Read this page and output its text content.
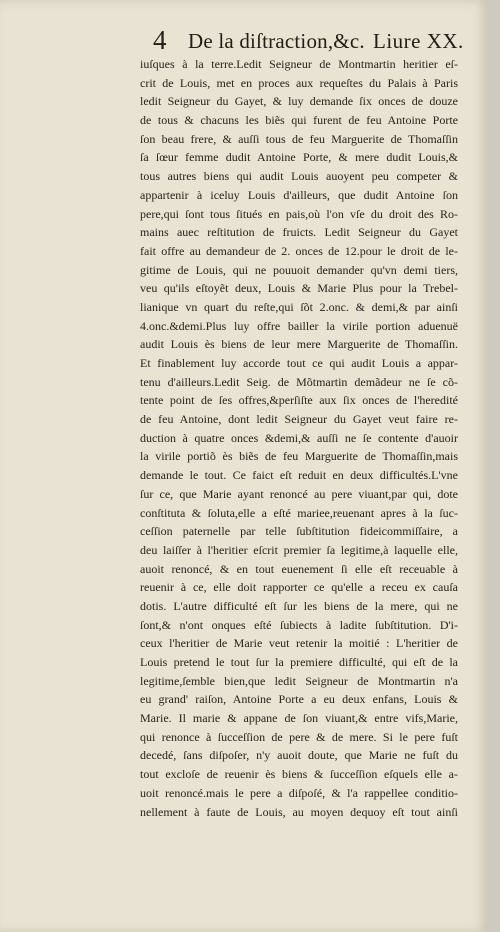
4 De la diſtraction,&c. Liure XX.
iuſques à la terre.Ledit Seigneur de Montmartin heritier eſ-
crit de Louis, met en proces aux requeſtes du Palais à Paris
ledit Seigneur du Gayet, & luy demande ſix onces de douze
de tous & chacuns les biẽs qui furent de feu Antoine Porte
ſon beau frere, & auſſi tous de feu Marguerite de Thomaſſin
ſa ſœur femme dudit Antoine Porte, & mere dudit Louis,&
tous autres biens qui audit Louis auoyent peu competer &
appartenir à iceluy Louis d'ailleurs, que dudit Antoine ſon
pere,qui ſont tous ſitués en pais,où l'on vſe du droit des Ro-
mains auec reſtitution de fruicts. Ledit Seigneur du Gayet
fait offre au demandeur de 2. onces de 12.pour le droit de le-
gitime de Louis, qui ne pouuoit demander qu'vn demi tiers,
veu qu'ils eſtoyẽt deux, Louis & Marie Plus pour la Trebel-
lianique vn quart du reſte,qui ſõt 2.onc. & demi,& par ainſi
4.onc.&demi.Plus luy offre bailler la virile portion aduenuë
audit Louis ès biens de leur mere Marguerite de Thomaſſin.
Et finablement luy accorde tout ce qui audit Louis a appar-
tenu d'ailleurs.Ledit Seig. de Mõtmartin demãdeur ne ſe cõ-
tente point de ſes offres,&perſiſte aux ſix onces de l'heredité
de feu Antoine, dont ledit Seigneur du Gayet veut faire re-
duction à quatre onces &demi,& auſſi ne ſe contente d'auoir
la virile portiõ ès biẽs de feu Marguerite de Thomaſſin,mais
demande le tout. Ce faict eſt reduit en deux difficultés.L'vne
ſur ce, que Marie ayant renoncé au pere viuant,par qui, dote
conſtituta & ſoluta,elle a eſté mariee,reuenant apres à la ſuc-
ceſſion paternelle par telle ſubſtitution fideicommiſſaire, a
deu laiſſer à l'heritier eſcrit premier ſa legitime,à laquelle elle,
auoit renoncé, & en tout euenement ſi elle eſt receuable à
reuenir à ce, elle doit rapporter ce qu'elle a receu ex cauſa
dotis. L'autre difficulté eſt ſur les biens de la mere, qui ne
ſont,& n'ont onques eſté ſubiects à ladite ſubſtitution. D'i-
ceux l'heritier de Marie veut retenir la moitié : L'heritier de
Louis pretend le tout ſur la premiere difficulté, qui eſt de la
legitime,ſemble bien,que ledit Seigneur de Montmartin n'a
eu grand' raiſon, Antoine Porte a eu deux enfans, Louis &
Marie. Il marie & appane de ſon viuant,& entre vifs,Marie,
qui renonce à ſucceſſion de pere & de mere. Si le pere fuſt
decedé, ſans diſpoſer, n'y auoit doute, que Marie ne fuſt du
tout excloſe de reuenir ès biens & ſucceſſion eſquels elle a-
uoit renoncé.mais le pere a diſpoſé, & l'a rappellee conditio-
nellement à faute de Louis, au moyen dequoy eſt tout ainſi
